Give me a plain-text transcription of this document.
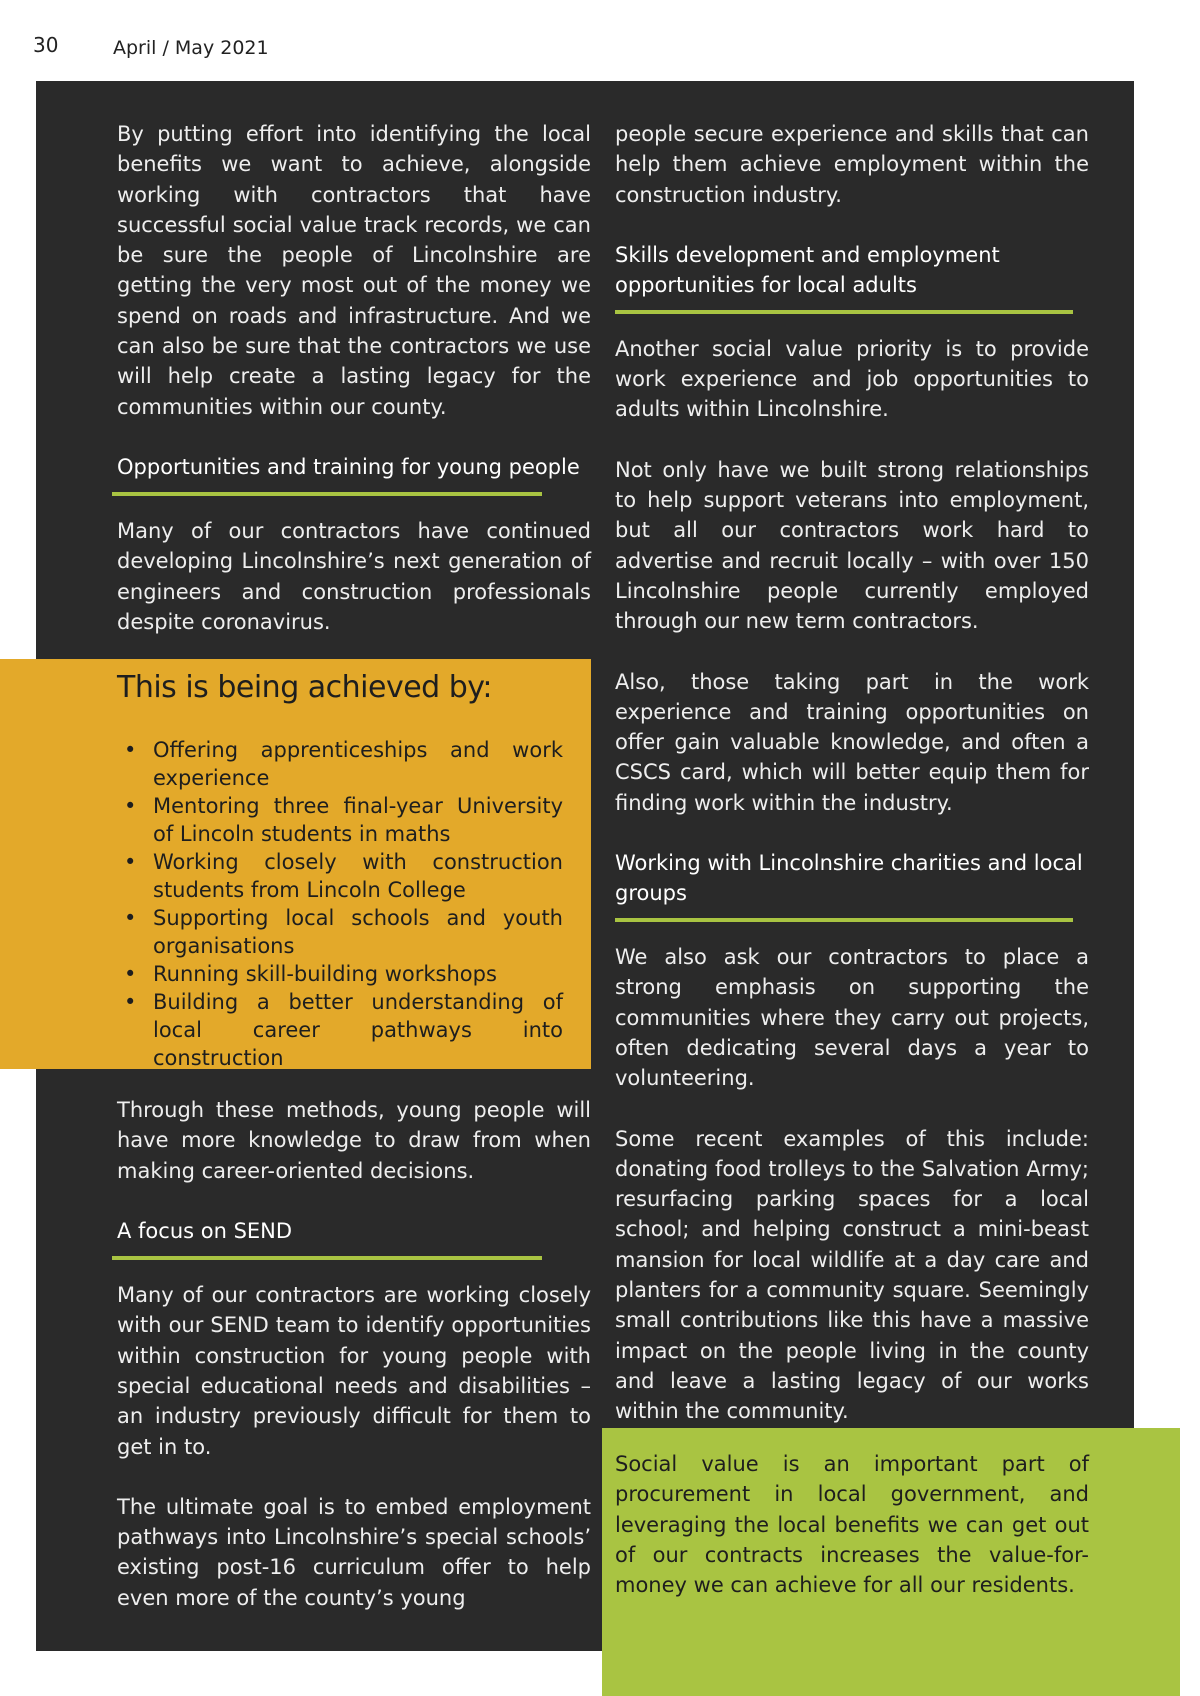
30	April / May 2021

By putting effort into identifying the local benefits we want to achieve, alongside working with contractors that have successful social value track records, we can be sure the people of Lincolnshire are getting the very most out of the money we spend on roads and infrastructure. And we can also be sure that the contractors we use will help create a lasting legacy for the communities within our county.

Opportunities and training for young people

Many of our contractors have continued developing Lincolnshire’s next generation of engineers and construction professionals despite coronavirus.

Through these methods, young people will have more knowledge to draw from when making career-oriented decisions.

A focus on SEND

Many of our contractors are working closely with our SEND team to identify opportunities within construction for young people with special educational needs and disabilities – an industry previously difficult for them to get in to.

The ultimate goal is to embed employment pathways into Lincolnshire’s special schools’ existing post-16 curriculum offer to help even more of the county’s young

This is being achieved by:
• Offering apprenticeships and work experience
• Mentoring three final-year University of Lincoln students in maths
• Working closely with construction students from Lincoln College
• Supporting local schools and youth organisations
• Running skill-building workshops
• Building a better understanding of local career pathways into construction

people secure experience and skills that can help them achieve employment within the construction industry.

Skills development and employment opportunities for local adults

Another social value priority is to provide work experience and job opportunities to adults within Lincolnshire.

Not only have we built strong relationships to help support veterans into employment, but all our contractors work hard to advertise and recruit locally – with over 150 Lincolnshire people currently employed through our new term contractors.

Also, those taking part in the work experience and training opportunities on offer gain valuable knowledge, and often a CSCS card, which will better equip them for finding work within the industry.

Working with Lincolnshire charities and local groups

We also ask our contractors to place a strong emphasis on supporting the communities where they carry out projects, often dedicating several days a year to volunteering.

Some recent examples of this include: donating food trolleys to the Salvation Army; resurfacing parking spaces for a local school; and helping construct a mini-beast mansion for local wildlife at a day care and planters for a community square. Seemingly small contributions like this have a massive impact on the people living in the county and leave a lasting legacy of our works within the community.

Social value is an important part of procurement in local government, and leveraging the local benefits we can get out of our contracts increases the value-for-money we can achieve for all our residents.
